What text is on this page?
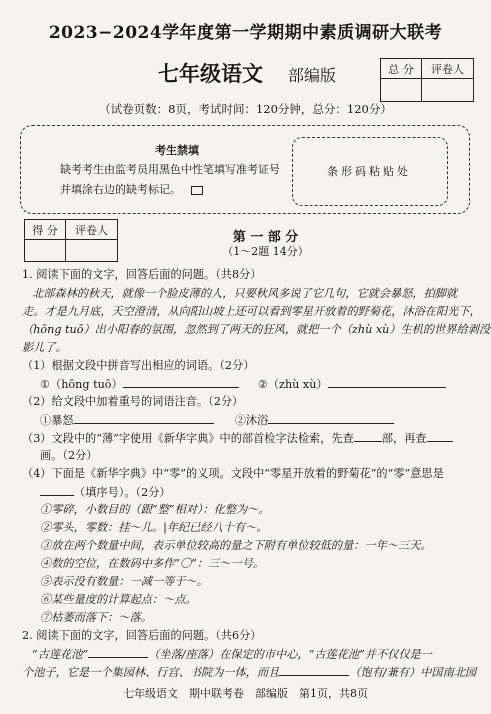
2023−2024学年度第一学期期中素质调研大联考
七年级语文 部编版	总 分	评卷人

（试卷页数：8页，考试时间：120分钟，总分：120分）
考生禁填
缺考考生由监考员用黑色中性笔填写准考证号
并填涂右边的缺考标记。
条形码粘贴处
得 分	评卷人
		第 一 部 分
（1～2题 14分）
1. 阅读下面的文字，回答后面的问题。（共8分）
北部森林的秋天，就像一个脸皮薄的人，只要秋风多说了它几句，它就会暴怒，拍脚就
走。才是九月底，天空澄清，从向阳山坡上还可以看到零星开放着的野菊花，沐浴在阳光下，
（hōng tuō）出小阳春的氛围，忽然到了两天的狂风，就把一个（zhù xù）生机的世界给剥没
影儿了。
（1）根据文段中拼音写出相应的词语。（2分）
①（hōng tuō）	②（zhù xù）
（2）给文段中加着重号的词语注音。（2分）
①暴怒	②沐浴
（3）文段中的“薄”字使用《新华字典》中的部首检字法检索，先查	部，再查
画。（2分）
（4）下面是《新华字典》中“零”的义项。文段中“零星开放着的野菊花”的“零”意思是
（填序号）。（2分）
①零碎，小数目的（跟“整”相对）：化整为～。
②零头，零数：挂～儿。|年纪已经八十有～。
③放在两个数量中间，表示单位较高的量之下附有单位较低的量：一年～三天。
④数的空位，在数码中多作“〇”：三～一号。
⑤表示没有数量：一减一等于～。
⑥某些量度的计算起点：～点。
⑦枯萎而落下：～落。
2. 阅读下面的文字，回答后面的问题。（共6分）
“古莲花池”	（坐落/座落）在保定的市中心，“古莲花池”并不仅仅是一
个池子，它是一个集园林、行宫、书院为一体，而且	（饱有/兼有）中国南北园
七年级语文　期中联考卷　部编版　第1页，共8页
